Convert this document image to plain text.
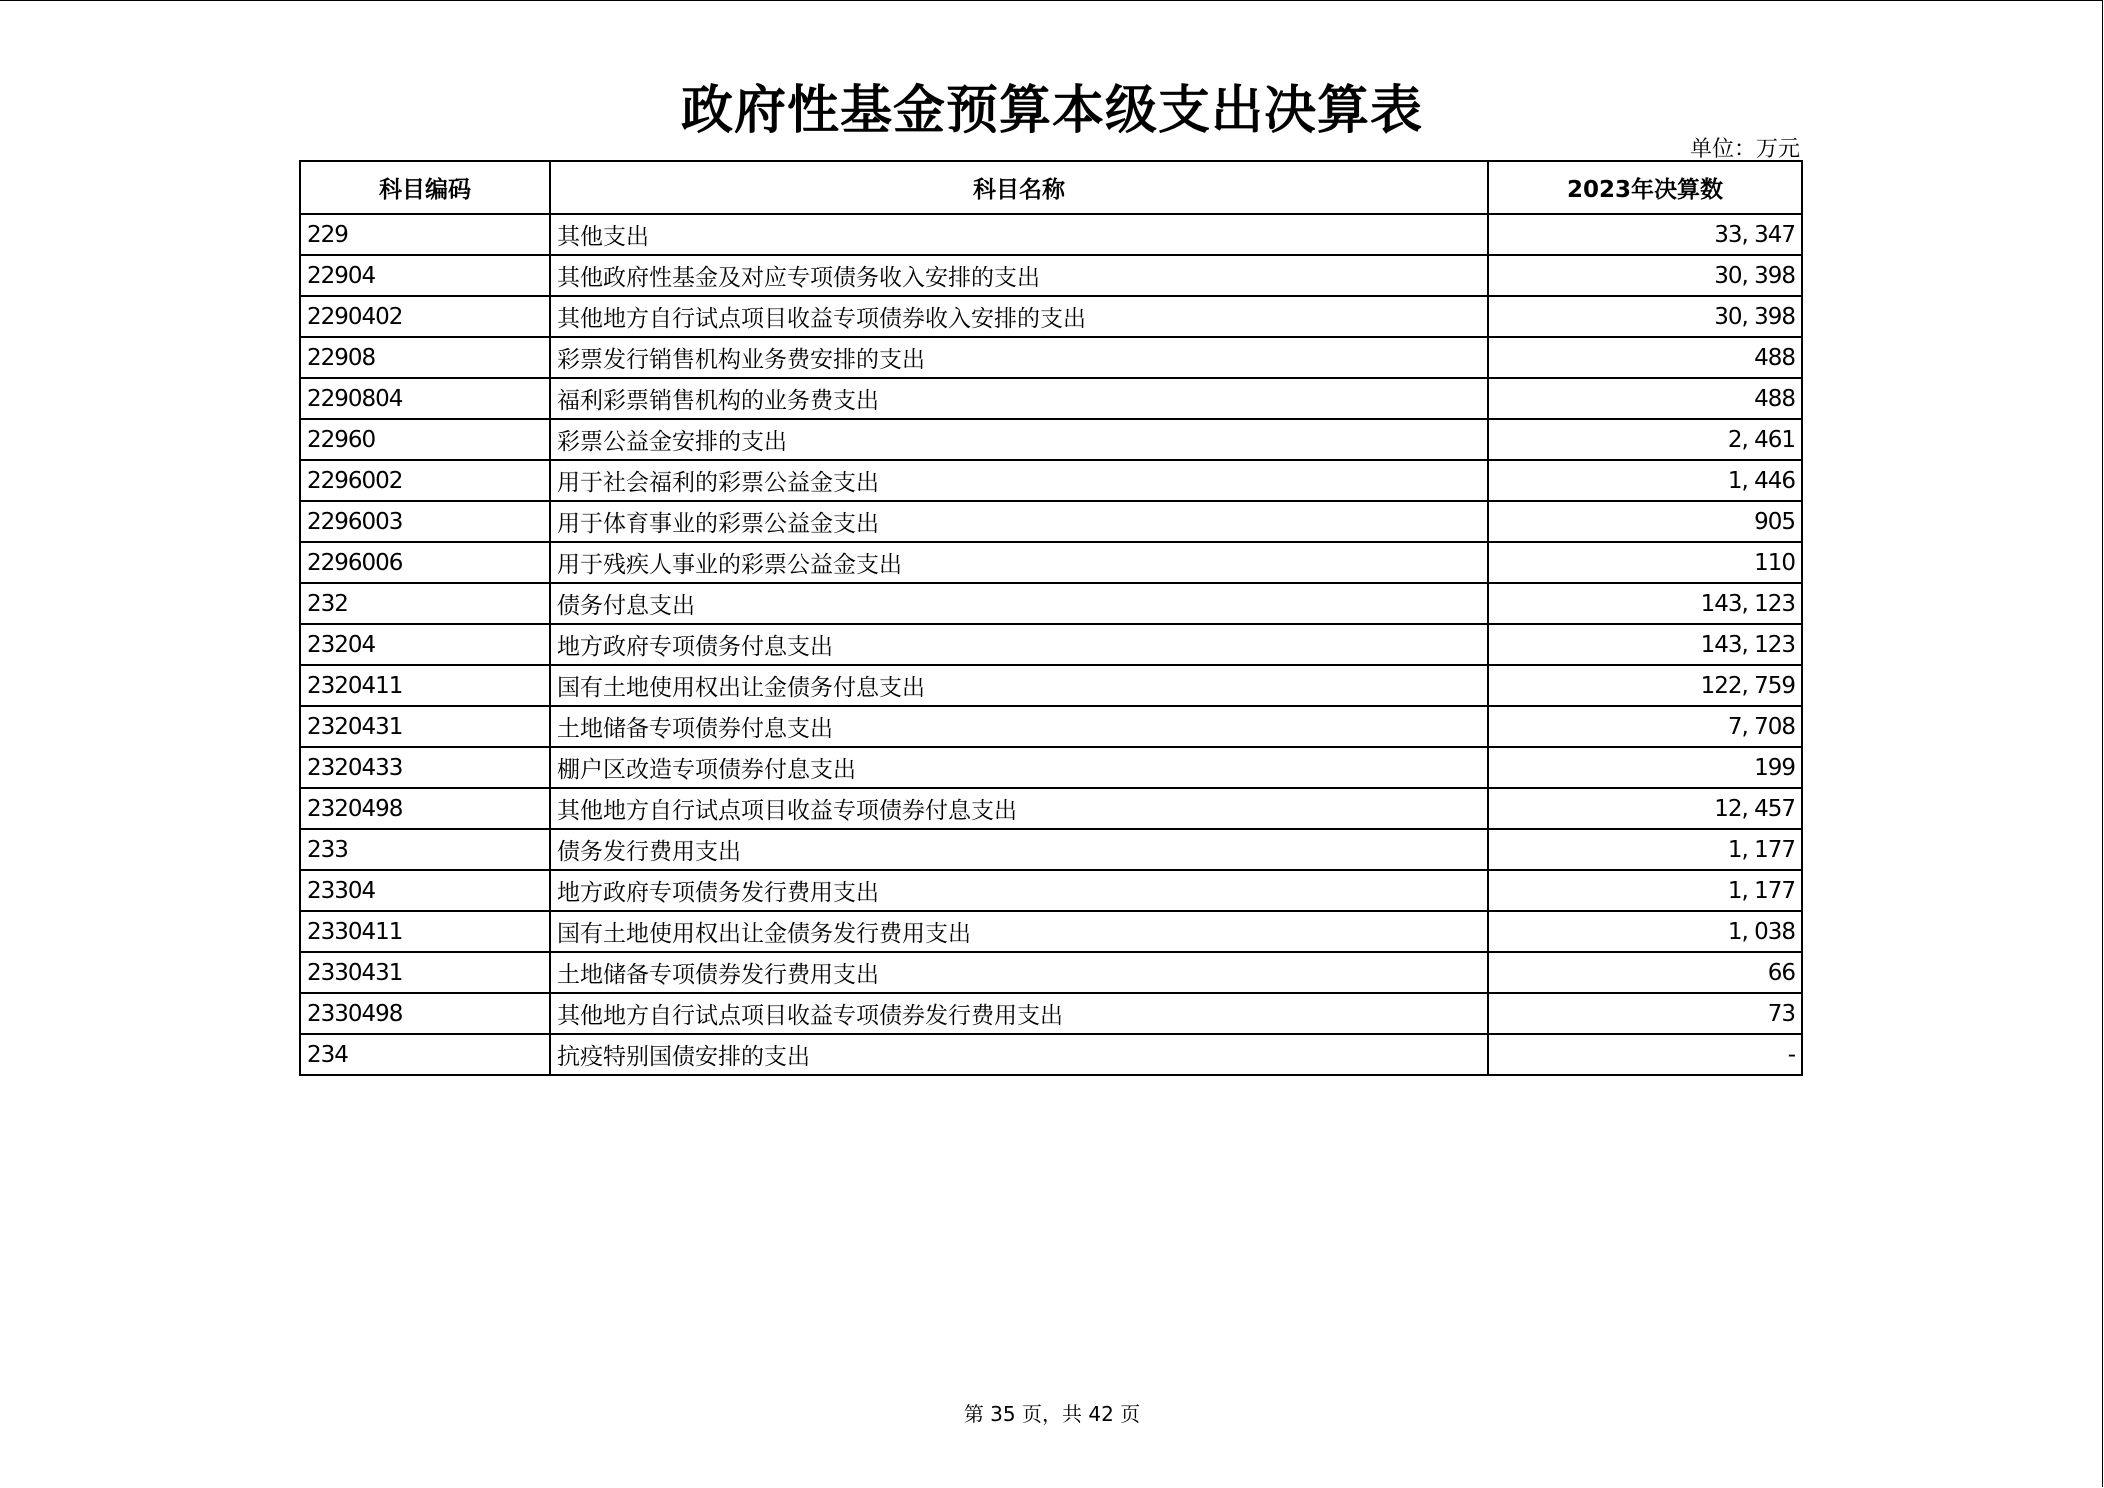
政府性基金预算本级支出决算表
单位：万元
科目编码	科目名称	2023年决算数
229	其他支出	33, 347
22904	其他政府性基金及对应专项债务收入安排的支出	30, 398
2290402	其他地方自行试点项目收益专项债券收入安排的支出	30, 398
22908	彩票发行销售机构业务费安排的支出	488
2290804	福利彩票销售机构的业务费支出	488
22960	彩票公益金安排的支出	2, 461
2296002	用于社会福利的彩票公益金支出	1, 446
2296003	用于体育事业的彩票公益金支出	905
2296006	用于残疾人事业的彩票公益金支出	110
232	债务付息支出	143, 123
23204	地方政府专项债务付息支出	143, 123
2320411	国有土地使用权出让金债务付息支出	122, 759
2320431	土地储备专项债券付息支出	7, 708
2320433	棚户区改造专项债券付息支出	199
2320498	其他地方自行试点项目收益专项债券付息支出	12, 457
233	债务发行费用支出	1, 177
23304	地方政府专项债务发行费用支出	1, 177
2330411	国有土地使用权出让金债务发行费用支出	1, 038
2330431	土地储备专项债券发行费用支出	66
2330498	其他地方自行试点项目收益专项债券发行费用支出	73
234	抗疫特别国债安排的支出	-
第 35 页，共 42 页
